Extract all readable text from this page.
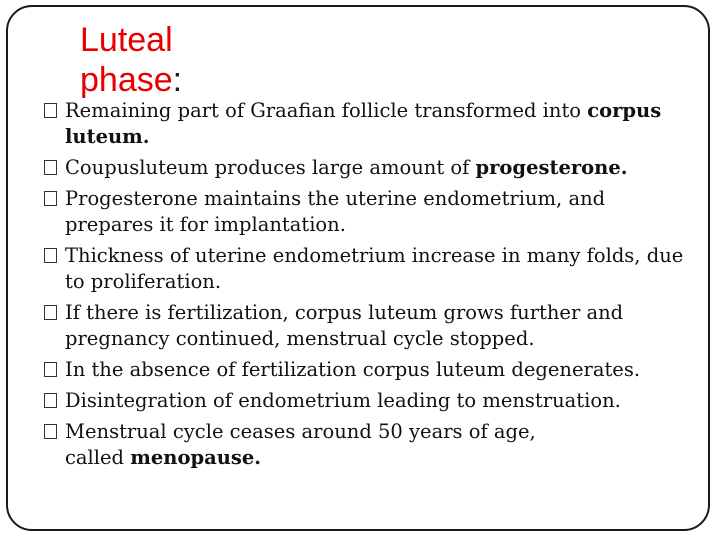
Luteal
phase:
Remaining part of Graafian follicle transformed into corpus
luteum.
Coupusluteum produces large amount of progesterone.
Progesterone maintains the uterine endometrium, and
prepares it for implantation.
Thickness of uterine endometrium increase in many folds, due
to proliferation.
If there is fertilization, corpus luteum grows further and
pregnancy continued, menstrual cycle stopped.
In the absence of fertilization corpus luteum degenerates.
Disintegration of endometrium leading to menstruation.
Menstrual cycle ceases around 50 years of age,
called menopause.
